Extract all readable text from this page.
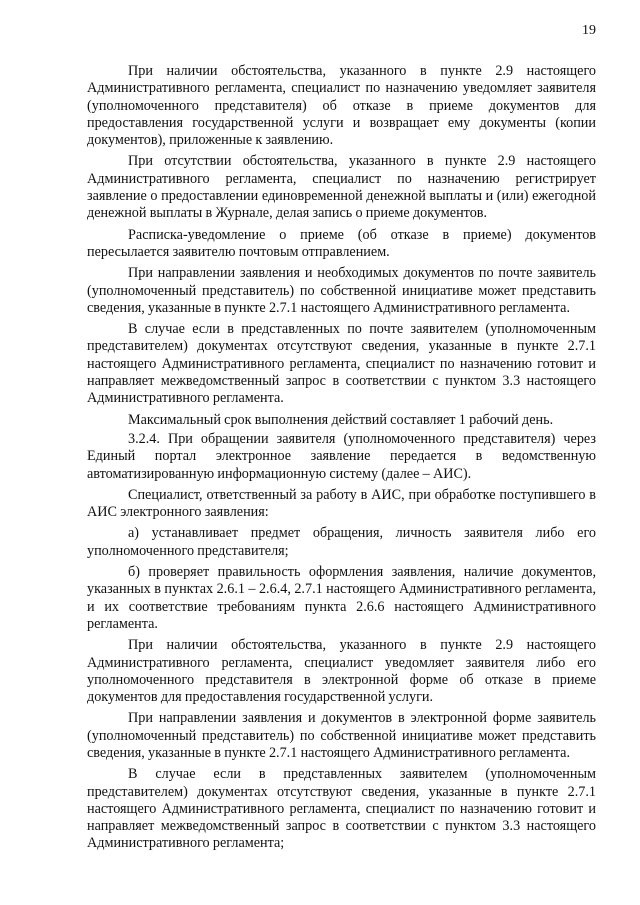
19

При наличии обстоятельства, указанного в пункте 2.9 настоящего Административного регламента, специалист по назначению уведомляет заявителя (уполномоченного представителя) об отказе в приеме документов для предоставления государственной услуги и возвращает ему документы (копии документов), приложенные к заявлению.

При отсутствии обстоятельства, указанного в пункте 2.9 настоящего Административного регламента, специалист по назначению регистрирует заявление о предоставлении единовременной денежной выплаты и (или) ежегодной денежной выплаты в Журнале, делая запись о приеме документов.

Расписка-уведомление о приеме (об отказе в приеме) документов пересылается заявителю почтовым отправлением.

При направлении заявления и необходимых документов по почте заявитель (уполномоченный представитель) по собственной инициативе может представить сведения, указанные в пункте 2.7.1 настоящего Административного регламента.

В случае если в представленных по почте заявителем (уполномоченным представителем) документах отсутствуют сведения, указанные в пункте 2.7.1 настоящего Административного регламента, специалист по назначению готовит и направляет межведомственный запрос в соответствии с пунктом 3.3 настоящего Административного регламента.

Максимальный срок выполнения действий составляет 1 рабочий день.

3.2.4. При обращении заявителя (уполномоченного представителя) через Единый портал электронное заявление передается в ведомственную автоматизированную информационную систему (далее – АИС).

Специалист, ответственный за работу в АИС, при обработке поступившего в АИС электронного заявления:

а) устанавливает предмет обращения, личность заявителя либо его уполномоченного представителя;

б) проверяет правильность оформления заявления, наличие документов, указанных в пунктах 2.6.1 – 2.6.4, 2.7.1 настоящего Административного регламента, и их соответствие требованиям пункта 2.6.6 настоящего Административного регламента.

При наличии обстоятельства, указанного в пункте 2.9 настоящего Административного регламента, специалист уведомляет заявителя либо его уполномоченного представителя в электронной форме об отказе в приеме документов для предоставления государственной услуги.

При направлении заявления и документов в электронной форме заявитель (уполномоченный представитель) по собственной инициативе может представить сведения, указанные в пункте 2.7.1 настоящего Административного регламента.

В случае если в представленных заявителем (уполномоченным представителем) документах отсутствуют сведения, указанные в пункте 2.7.1 настоящего Административного регламента, специалист по назначению готовит и направляет межведомственный запрос в соответствии с пунктом 3.3 настоящего Административного регламента;
